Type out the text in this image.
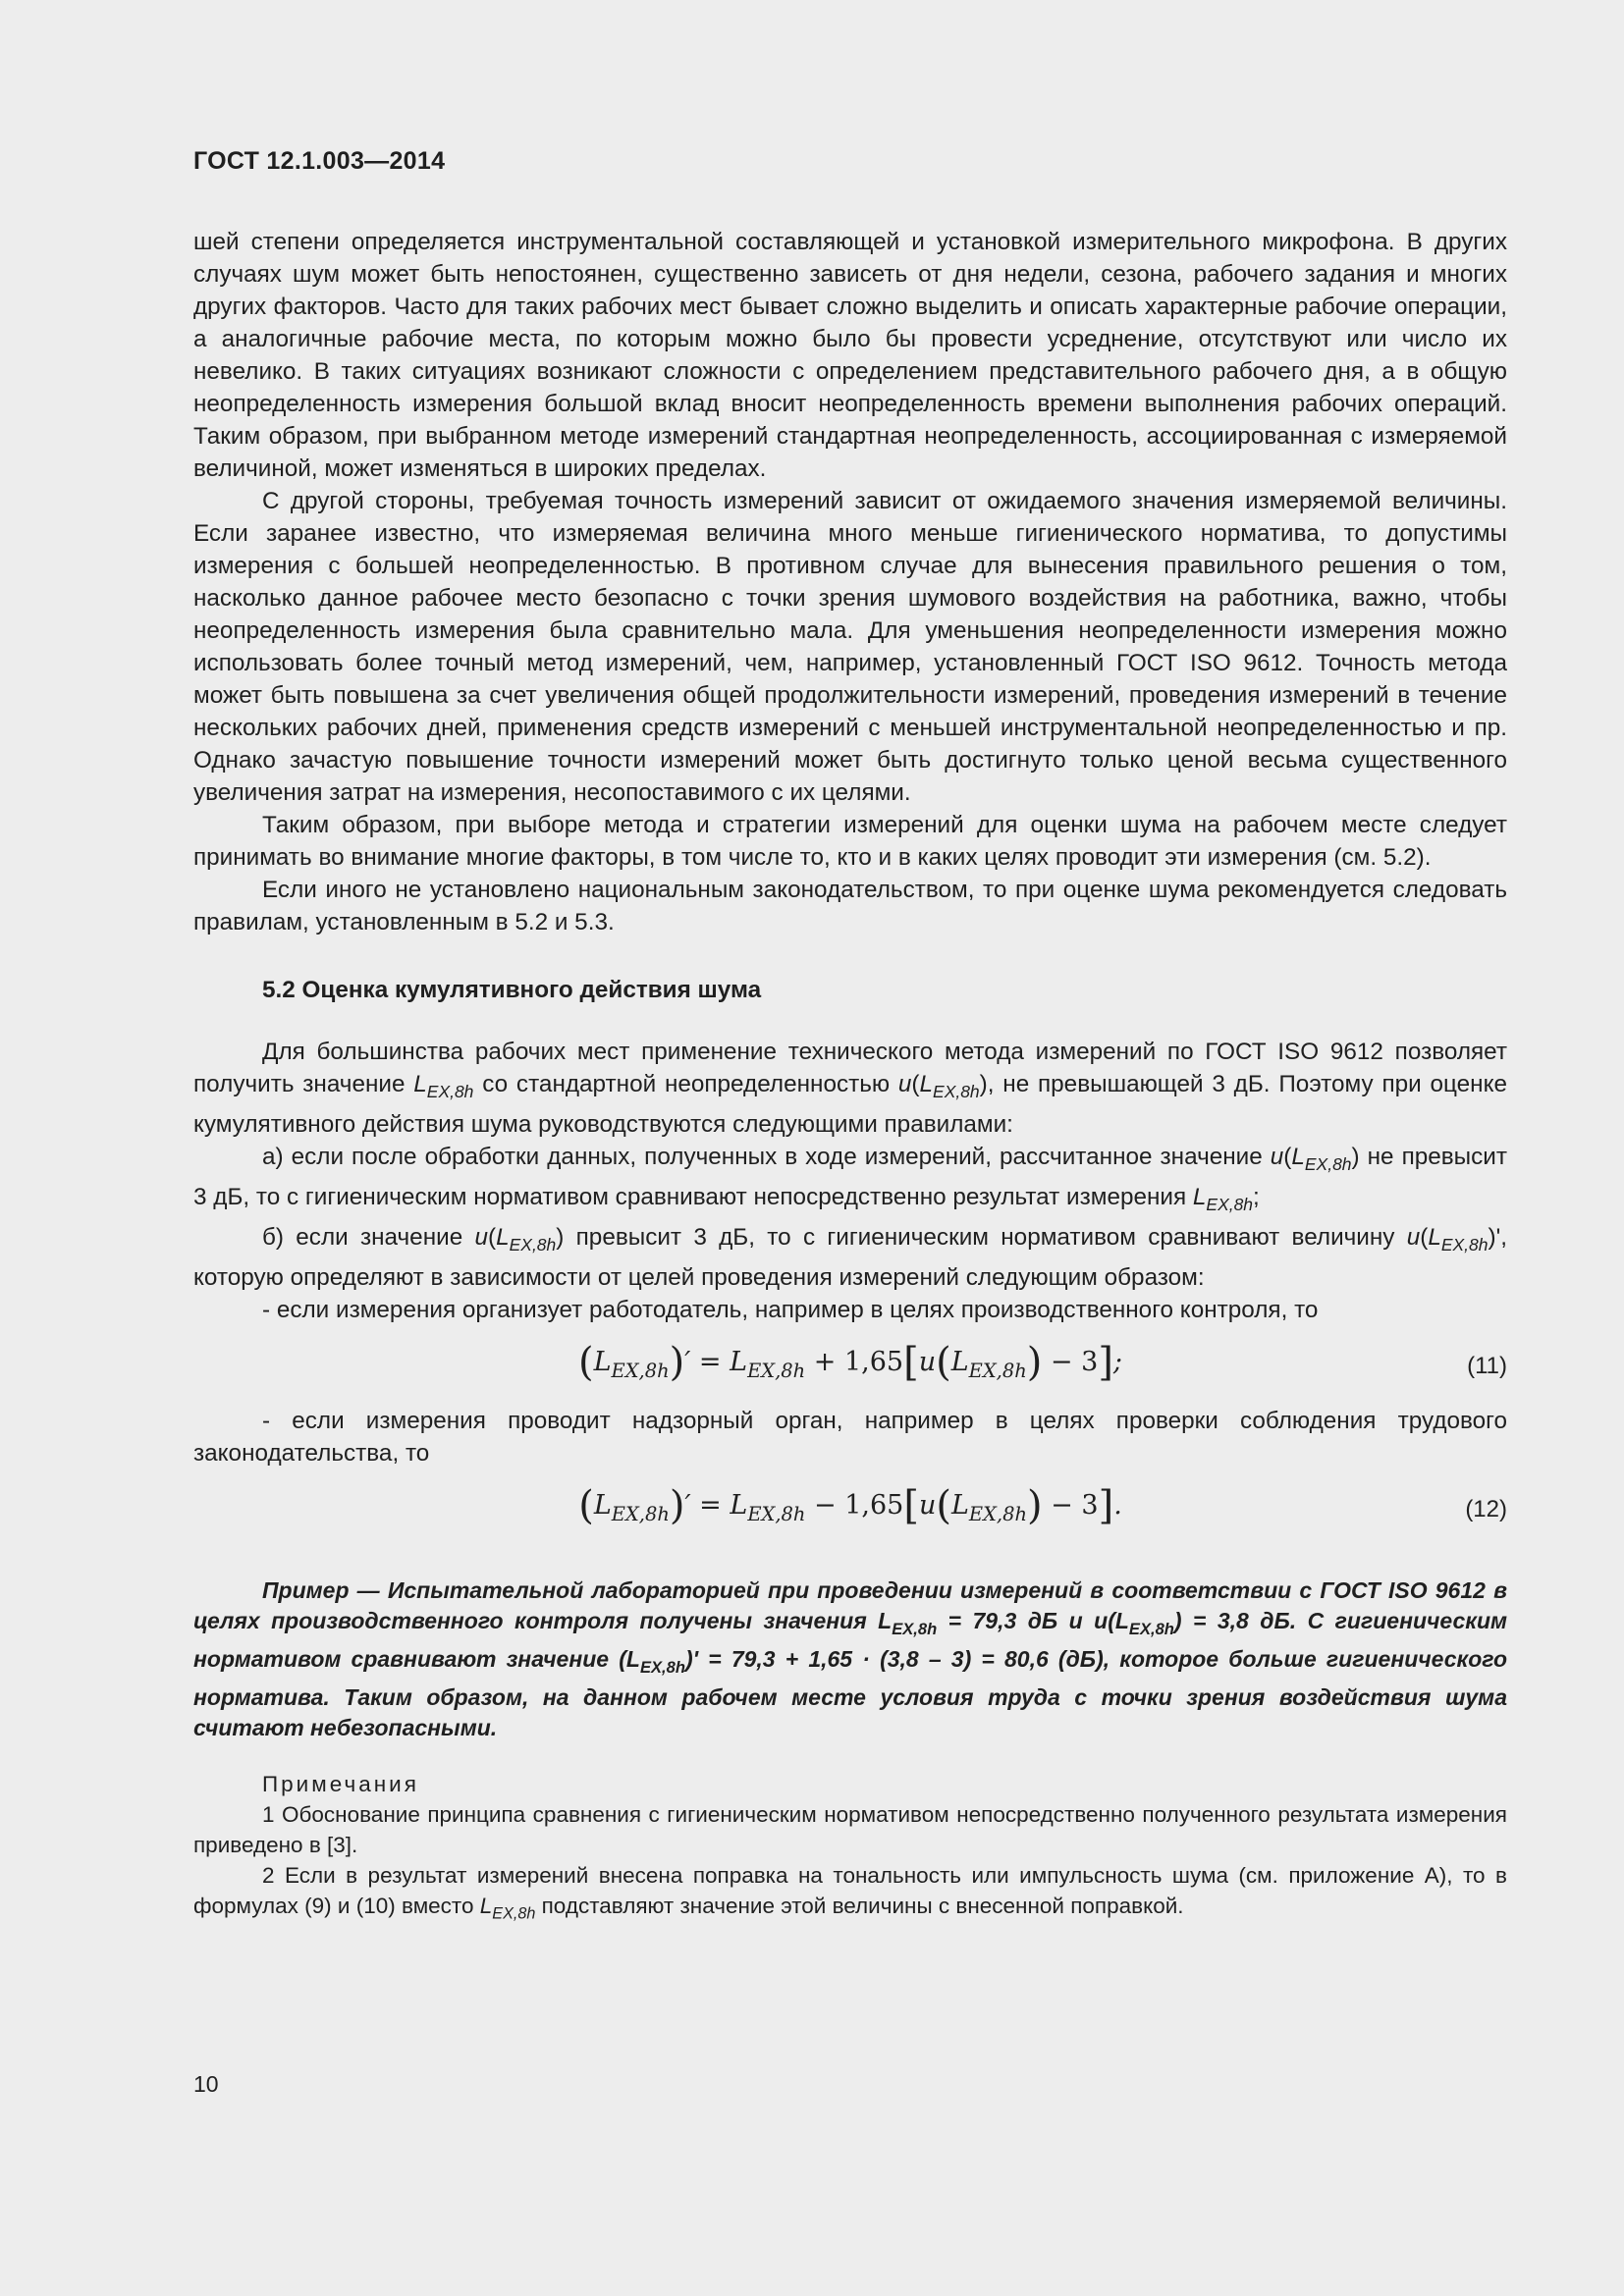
ГОСТ 12.1.003—2014

шей степени определяется инструментальной составляющей и установкой измерительного микрофона. В других случаях шум может быть непостоянен, существенно зависеть от дня недели, сезона, рабочего задания и многих других факторов. Часто для таких рабочих мест бывает сложно выделить и описать характерные рабочие операции, а аналогичные рабочие места, по которым можно было бы провести усреднение, отсутствуют или число их невелико. В таких ситуациях возникают сложности с определением представительного рабочего дня, а в общую неопределенность измерения большой вклад вносит неопределенность времени выполнения рабочих операций. Таким образом, при выбранном методе измерений стандартная неопределенность, ассоциированная с измеряемой величиной, может изменяться в широких пределах.

С другой стороны, требуемая точность измерений зависит от ожидаемого значения измеряемой величины. Если заранее известно, что измеряемая величина много меньше гигиенического норматива, то допустимы измерения с большей неопределенностью. В противном случае для вынесения правильного решения о том, насколько данное рабочее место безопасно с точки зрения шумового воздействия на работника, важно, чтобы неопределенность измерения была сравнительно мала. Для уменьшения неопределенности измерения можно использовать более точный метод измерений, чем, например, установленный ГОСТ ISO 9612. Точность метода может быть повышена за счет увеличения общей продолжительности измерений, проведения измерений в течение нескольких рабочих дней, применения средств измерений с меньшей инструментальной неопределенностью и пр. Однако зачастую повышение точности измерений может быть достигнуто только ценой весьма существенного увеличения затрат на измерения, несопоставимого с их целями.

Таким образом, при выборе метода и стратегии измерений для оценки шума на рабочем месте следует принимать во внимание многие факторы, в том числе то, кто и в каких целях проводит эти измерения (см. 5.2).

Если иного не установлено национальным законодательством, то при оценке шума рекомендуется следовать правилам, установленным в 5.2 и 5.3.

5.2 Оценка кумулятивного действия шума

Для большинства рабочих мест применение технического метода измерений по ГОСТ ISO 9612 позволяет получить значение $L_{EX,8h}$ со стандартной неопределенностью $u(L_{EX,8h})$, не превышающей 3 дБ. Поэтому при оценке кумулятивного действия шума руководствуются следующими правилами:

а) если после обработки данных, полученных в ходе измерений, рассчитанное значение $u(L_{EX,8h})$ не превысит 3 дБ, то с гигиеническим нормативом сравнивают непосредственно результат измерения $L_{EX,8h}$;

б) если значение $u(L_{EX,8h})$ превысит 3 дБ, то с гигиеническим нормативом сравнивают величину $u(L_{EX,8h})'$, которую определяют в зависимости от целей проведения измерений следующим образом:

- если измерения организует работодатель, например в целях производственного контроля, то

$(L_{EX,8h})' = L_{EX,8h} + 1,65[u(L_{EX,8h}) - 3]$;	(11)

- если измерения проводит надзорный орган, например в целях проверки соблюдения трудового законодательства, то

$(L_{EX,8h})' = L_{EX,8h} - 1,65[u(L_{EX,8h}) - 3]$.	(12)
Пример — Испытательной лабораторией при проведении измерений в соответствии с ГОСТ ISO 9612 в целях производственного контроля получены значения $L_{EX,8h} = 79,3$ дБ и $u(L_{EX,8h}) = 3,8$ дБ. С гигиеническим нормативом сравнивают значение $(L_{EX,8h})' = 79,3 + 1,65 \cdot (3,8 - 3) = 80,6$ (дБ), которое больше гигиенического норматива. Таким образом, на данном рабочем месте условия труда с точки зрения воздействия шума считают небезопасными.

Примечания

1 Обоснование принципа сравнения с гигиеническим нормативом непосредственно полученного результата измерения приведено в [3].

2 Если в результат измерений внесена поправка на тональность или импульсность шума (см. приложение А), то в формулах (9) и (10) вместо $L_{EX,8h}$ подставляют значение этой величины с внесенной поправкой.

10
